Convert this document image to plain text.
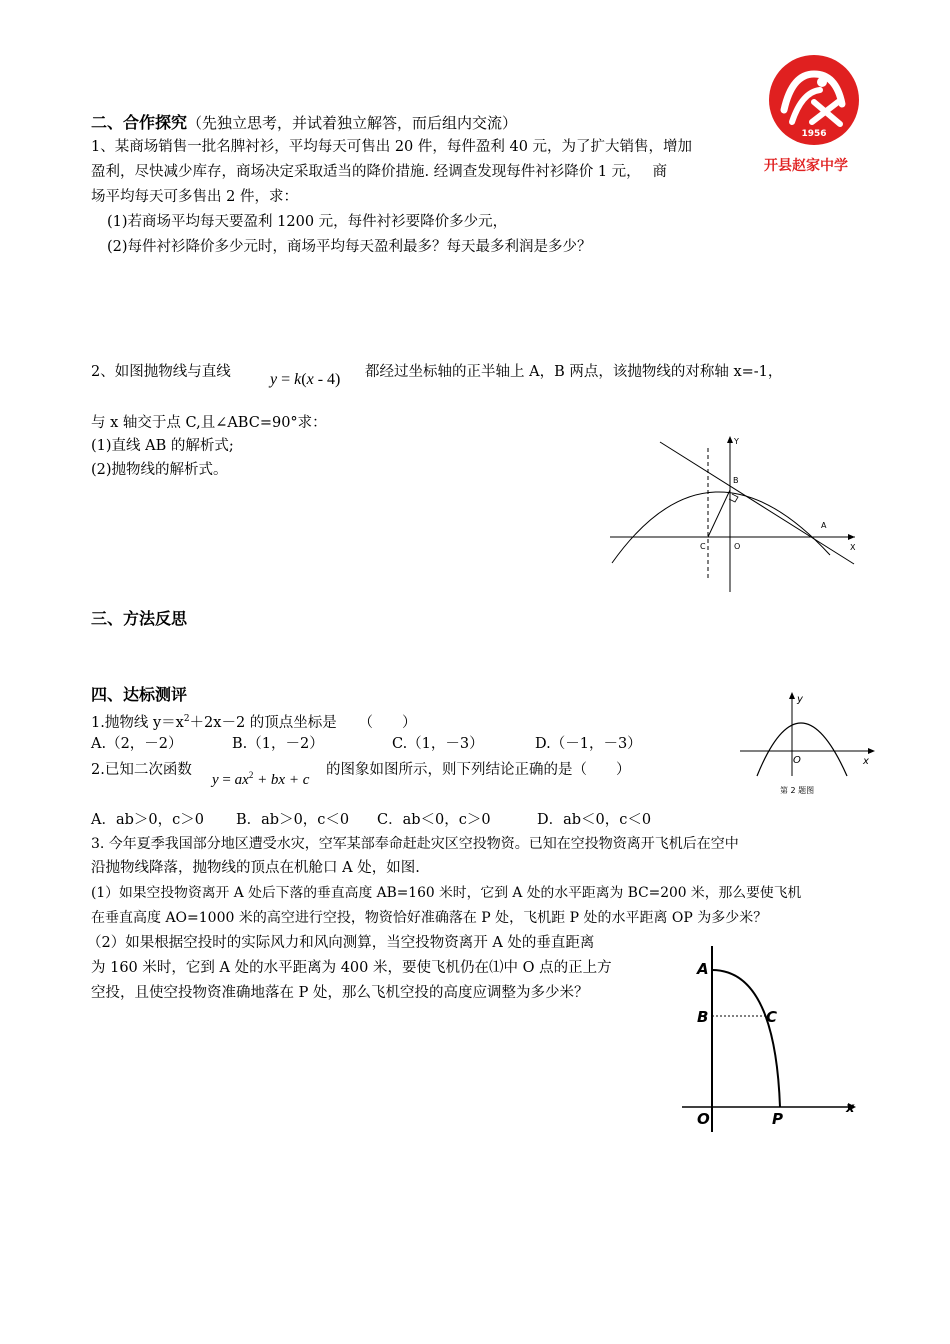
1956
开县赵家中学
二、合作探究（先独立思考，并试着独立解答，而后组内交流）
1、某商场销售一批名脾衬衫，平均每天可售出 20 件，每件盈利 40 元，为了扩大销售，增加
盈利，尽快减少库存，商场决定采取适当的降价措施. 经调查发现每件衬衫降价 1 元，　 商
场平均每天可多售出 2 件，求：
(1)若商场平均每天要盈利 1200 元，每件衬衫要降价多少元，
(2)每件衬衫降价多少元时，商场平均每天盈利最多？每天最多利润是多少？
2、如图抛物线与直线 y = k(x - 4) 都经过坐标轴的正半轴上 A，B 两点，该抛物线的对称轴 x=-1，
与 x 轴交于点 C,且∠ABC=90°求：
(1)直线 AB 的解析式;
(2)抛物线的解析式。
Y
B
A
X
C	O
三、方法反思
四、达标测评
1.抛物线 $y=x^2+2x-2$ 的顶点坐标是　　（　　）
A.（2，－2）	B.（1，－2）	C.（1，－3）	D.（－1，－3）
2.已知二次函数
$y = ax^2$ + bx + c
的图象如图所示，则下列结论正确的是（　　）
y
O	x
第 2 题图
A．ab＞0，c＞0 B．ab＞0，c＜0 C．ab＜0，c＞0	D．ab＜0，c＜0
3. 今年夏季我国部分地区遭受水灾，空军某部奉命赶赴灾区空投物资。已知在空投物资离开飞机后在空中
沿抛物线降落，抛物线的顶点在机舱口 A 处，如图.
(1）如果空投物资离开 A 处后下落的垂直高度 AB=160 米时，它到 A 处的水平距离为 BC=200 米，那么要使飞机
在垂直高度 AO=1000 米的高空进行空投，物资恰好准确落在 P 处，飞机距 P 处的水平距离 OP 为多少米？
（2）如果根据空投时的实际风力和风向测算，当空投物资离开 A 处的垂直距离
为 160 米时，它到 A 处的水平距离为 400 米，要使飞机仍在⑴中 O 点的正上方
空投，且使空投物资准确地落在 P 处，那么飞机空投的高度应调整为多少米？
A
B	C
O	P
x
